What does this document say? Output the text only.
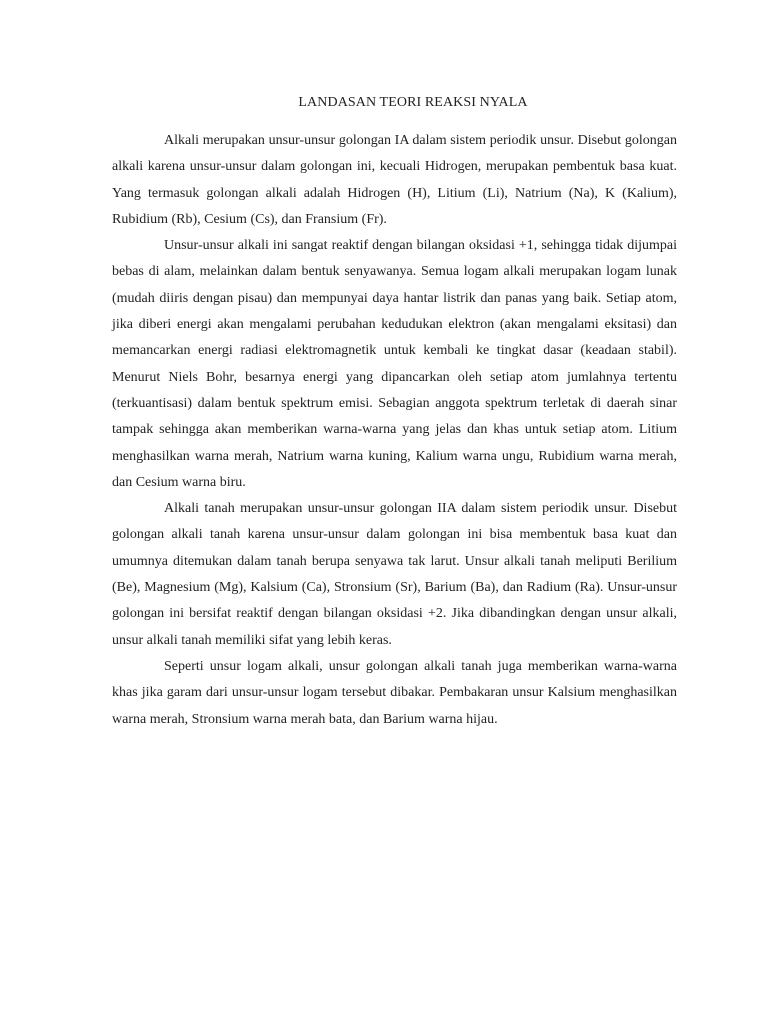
LANDASAN TEORI REAKSI NYALA

Alkali merupakan unsur-unsur golongan IA dalam sistem periodik unsur. Disebut golongan alkali karena unsur-unsur dalam golongan ini, kecuali Hidrogen, merupakan pembentuk basa kuat. Yang termasuk golongan alkali adalah Hidrogen (H), Litium (Li), Natrium (Na), K (Kalium), Rubidium (Rb), Cesium (Cs), dan Fransium (Fr).

Unsur-unsur alkali ini sangat reaktif dengan bilangan oksidasi +1, sehingga tidak dijumpai bebas di alam, melainkan dalam bentuk senyawanya. Semua logam alkali merupakan logam lunak (mudah diiris dengan pisau) dan mempunyai daya hantar listrik dan panas yang baik. Setiap atom, jika diberi energi akan mengalami perubahan kedudukan elektron (akan mengalami eksitasi) dan memancarkan energi radiasi elektromagnetik untuk kembali ke tingkat dasar (keadaan stabil). Menurut Niels Bohr, besarnya energi yang dipancarkan oleh setiap atom jumlahnya tertentu (terkuantisasi) dalam bentuk spektrum emisi. Sebagian anggota spektrum terletak di daerah sinar tampak sehingga akan memberikan warna-warna yang jelas dan khas untuk setiap atom. Litium menghasilkan warna merah, Natrium warna kuning, Kalium warna ungu, Rubidium warna merah, dan Cesium warna biru.

Alkali tanah merupakan unsur-unsur golongan IIA dalam sistem periodik unsur. Disebut golongan alkali tanah karena unsur-unsur dalam golongan ini bisa membentuk basa kuat dan umumnya ditemukan dalam tanah berupa senyawa tak larut. Unsur alkali tanah meliputi Berilium (Be), Magnesium (Mg), Kalsium (Ca), Stronsium (Sr), Barium (Ba), dan Radium (Ra). Unsur-unsur golongan ini bersifat reaktif dengan bilangan oksidasi +2. Jika dibandingkan dengan unsur alkali, unsur alkali tanah memiliki sifat yang lebih keras.

Seperti unsur logam alkali, unsur golongan alkali tanah juga memberikan warna-warna khas jika garam dari unsur-unsur logam tersebut dibakar. Pembakaran unsur Kalsium menghasilkan warna merah, Stronsium warna merah bata, dan Barium warna hijau.
